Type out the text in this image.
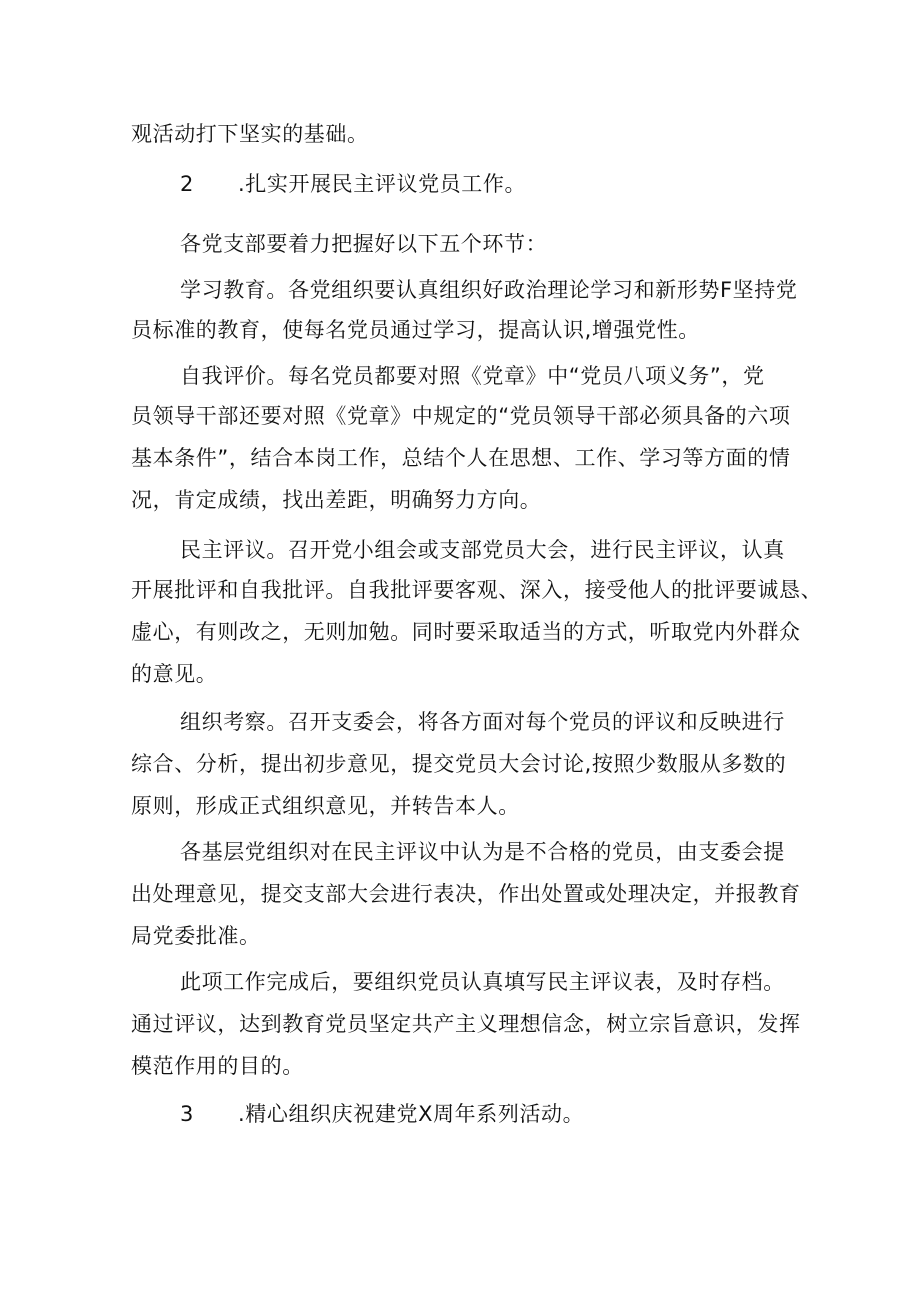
观活动打下坚实的基础。
2 .扎实开展民主评议党员工作。
各党支部要着力把握好以下五个环节：
学习教育。各党组织要认真组织好政治理论学习和新形势F坚持党
员标准的教育，使每名党员通过学习，提高认识,增强党性。
自我评价。每名党员都要对照《党章》中“党员八项义务”，党
员领导干部还要对照《党章》中规定的“党员领导干部必须具备的六项
基本条件”，结合本岗工作，总结个人在思想、工作、学习等方面的情
况，肯定成绩，找出差距，明确努力方向。
民主评议。召开党小组会或支部党员大会，进行民主评议，认真
开展批评和自我批评。自我批评要客观、深入，接受他人的批评要诚恳、
虚心，有则改之，无则加勉。同时要采取适当的方式，听取党内外群众
的意见。
组织考察。召开支委会，将各方面对每个党员的评议和反映进行
综合、分析，提出初步意见，提交党员大会讨论,按照少数服从多数的
原则，形成正式组织意见，并转告本人。
各基层党组织对在民主评议中认为是不合格的党员，由支委会提
出处理意见，提交支部大会进行表决，作出处置或处理决定，并报教育
局党委批准。
此项工作完成后，要组织党员认真填写民主评议表，及时存档。
通过评议，达到教育党员坚定共产主义理想信念，树立宗旨意识，发挥
模范作用的目的。
3 .精心组织庆祝建党X周年系列活动。
